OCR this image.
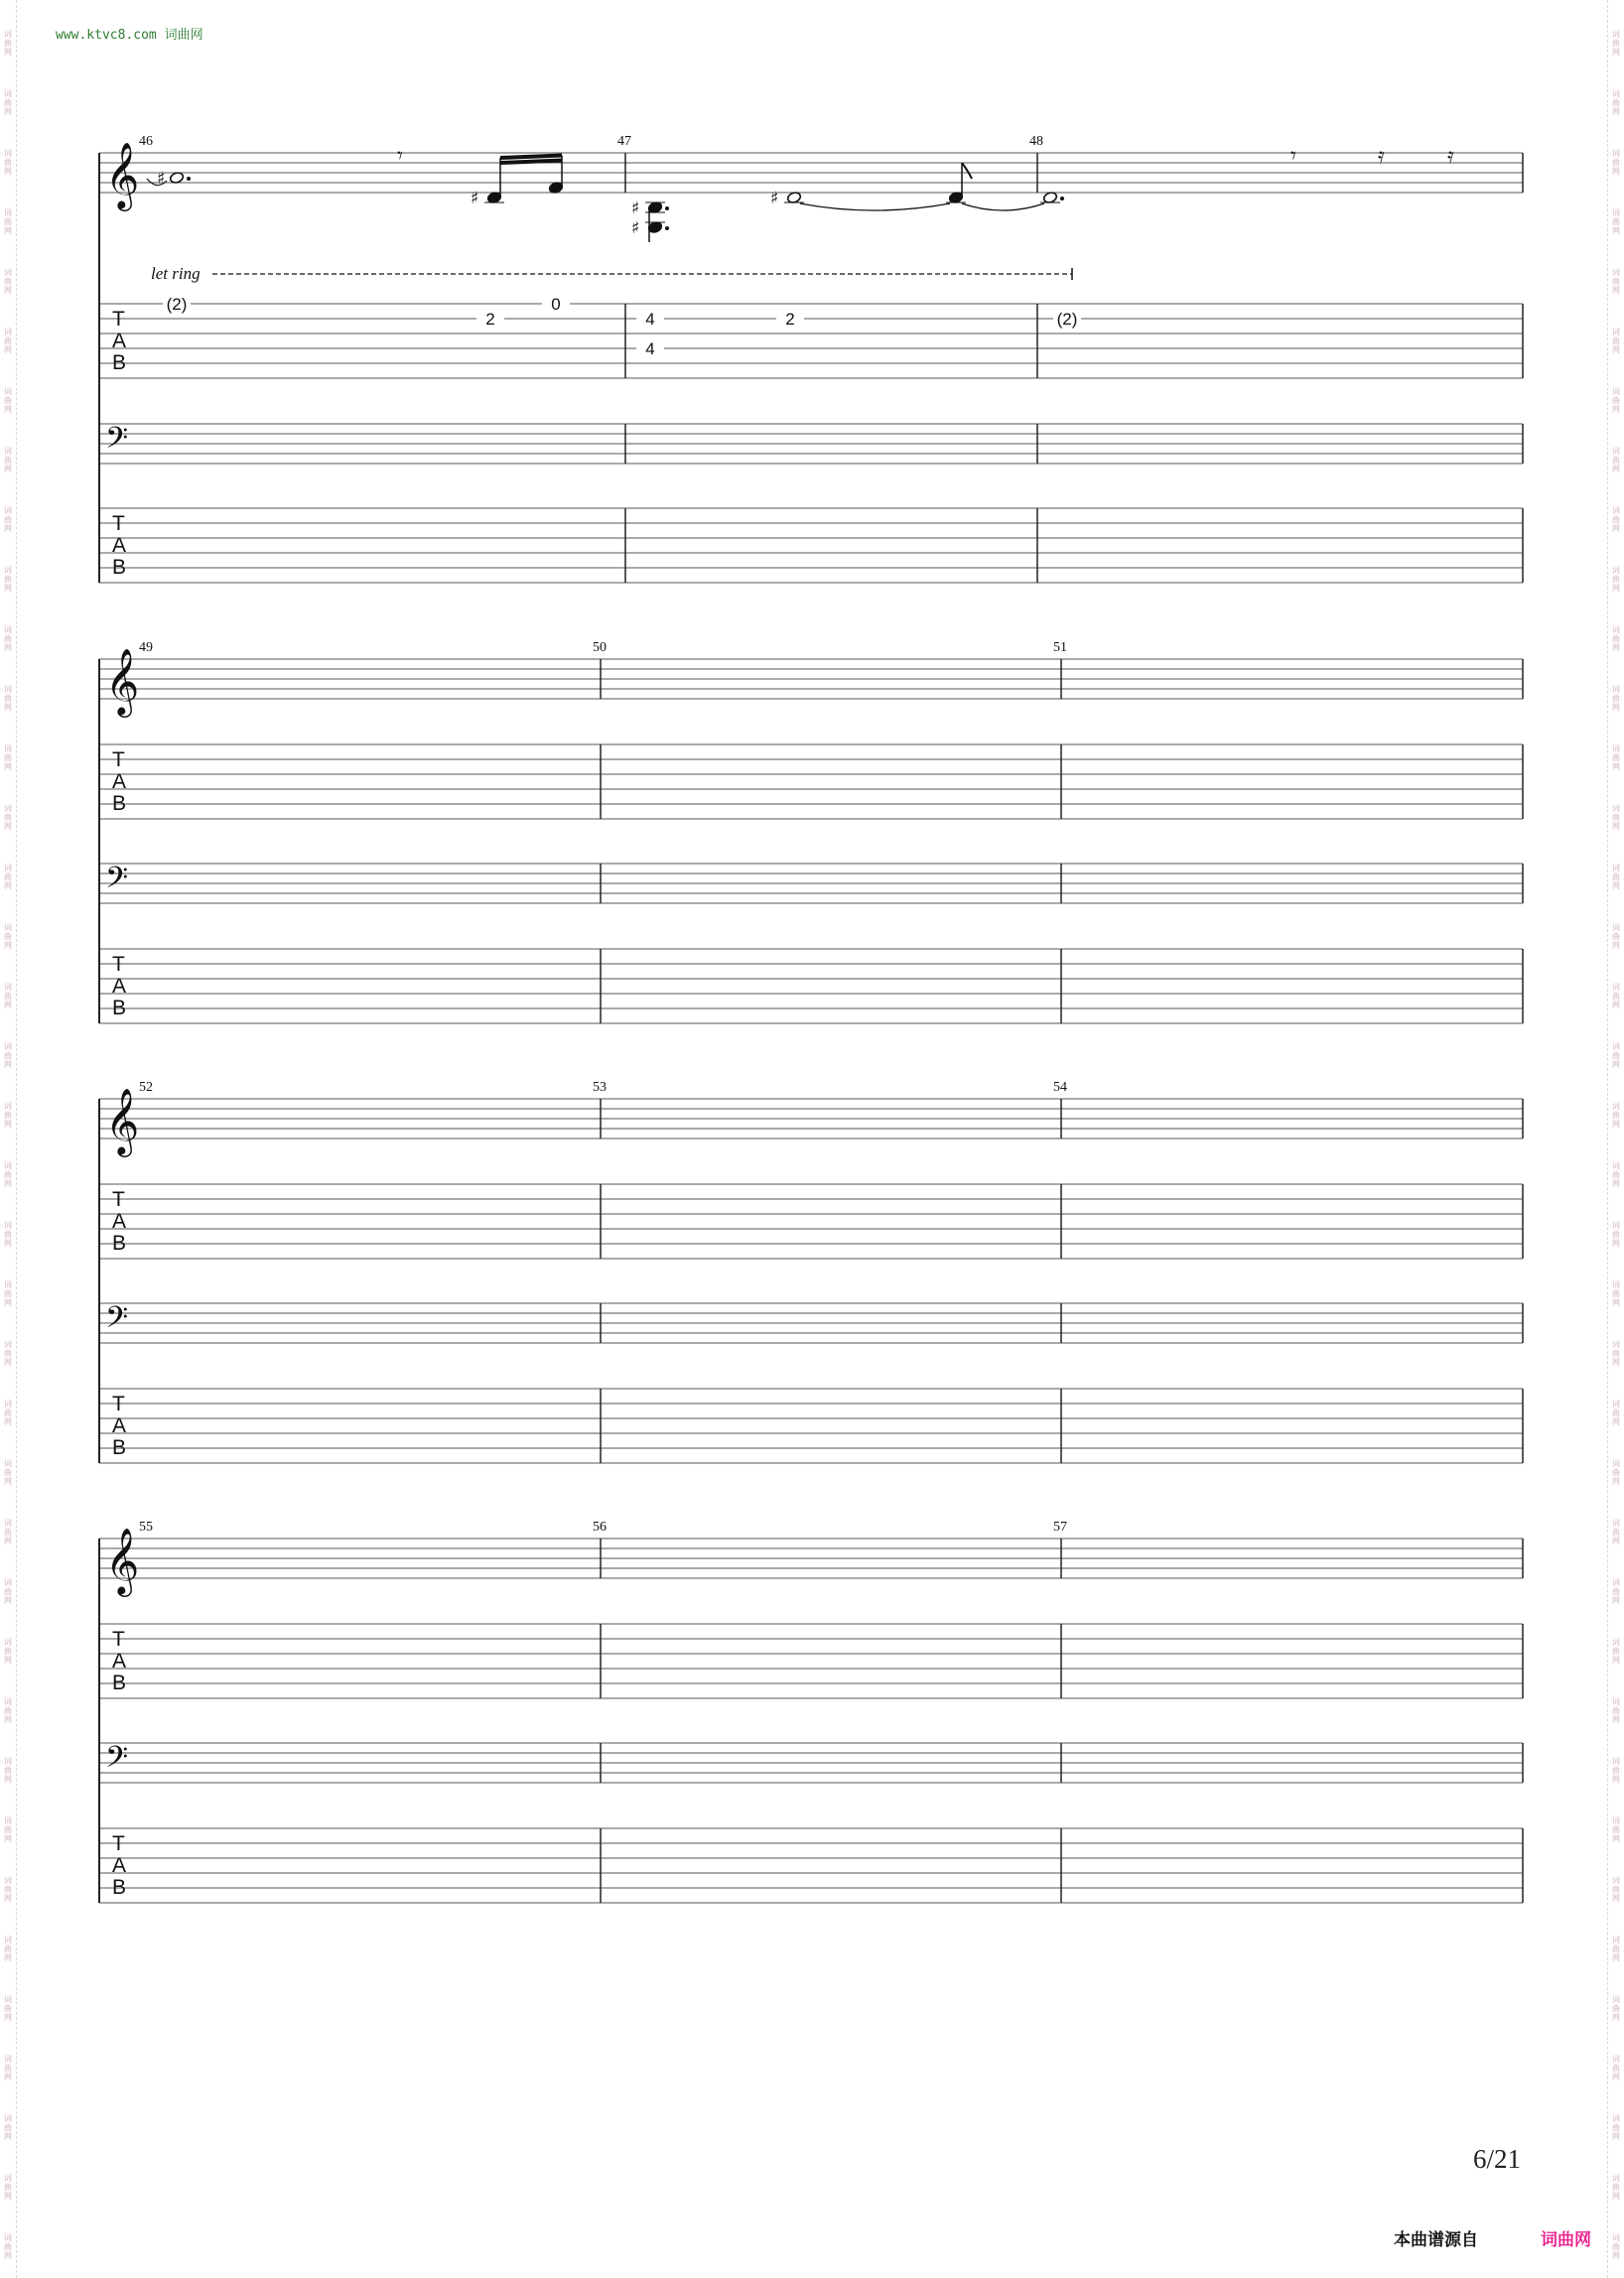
词
曲
网
词
曲
网
词
曲
网
词
曲
网
词
曲
网
词
曲
网
词
曲
网
词
曲
网
词
曲
网
词
曲
网
词
曲
网
词
曲
网
词
曲
网
词
曲
网
词
曲
网
词
曲
网
词
曲
网
词
曲
网
词
曲
网
词
曲
网
词
曲
网
词
曲
网
词
曲
网
词
曲
网
词
曲
网
词
曲
网
词
曲
网
词
曲
网
词
曲
网
词
曲
网
词
曲
网
词
曲
网
词
曲
网
词
曲
网
词
曲
网
词
曲
网
词
曲
网
词
曲
网
词
曲
网
词
曲
网
词
曲
网
词
曲
网
词
曲
网
词
曲
网
词
曲
网
词
曲
网
词
曲
网
词
曲
网
词
曲
网
词
曲
网
词
曲
网
词
曲
网
词
曲
网
词
曲
网
词
曲
网
词
曲
网
词
曲
网
词
曲
网
词
曲
网
词
曲
网
词
曲
网
词
曲
网
词
曲
网
词
曲
网
词
曲
网
词
曲
网
词
曲
网
词
曲
网
词
曲
网
词
曲
网
词
曲
网
词
曲
网
词
曲
网
词
曲
网
词
曲
网
词
曲
网
www.ktvc8.com 词曲网
𝄞
𝄢
T
A
B
T
A
B
46	47	48
𝄞
𝄢
T
A
B
T
A
B
49	50	51
𝄞
𝄢
T
A
B
T
A
B
52	53	54
𝄞
𝄢
T
A
B
T
A
B
55	56	57
♯
𝄾
♯	♯
♯
♯
𝄾	𝄿	𝄿
let ring
(2)
2
0
4
4
2	(2)
6/21
本曲谱源自	词曲网
